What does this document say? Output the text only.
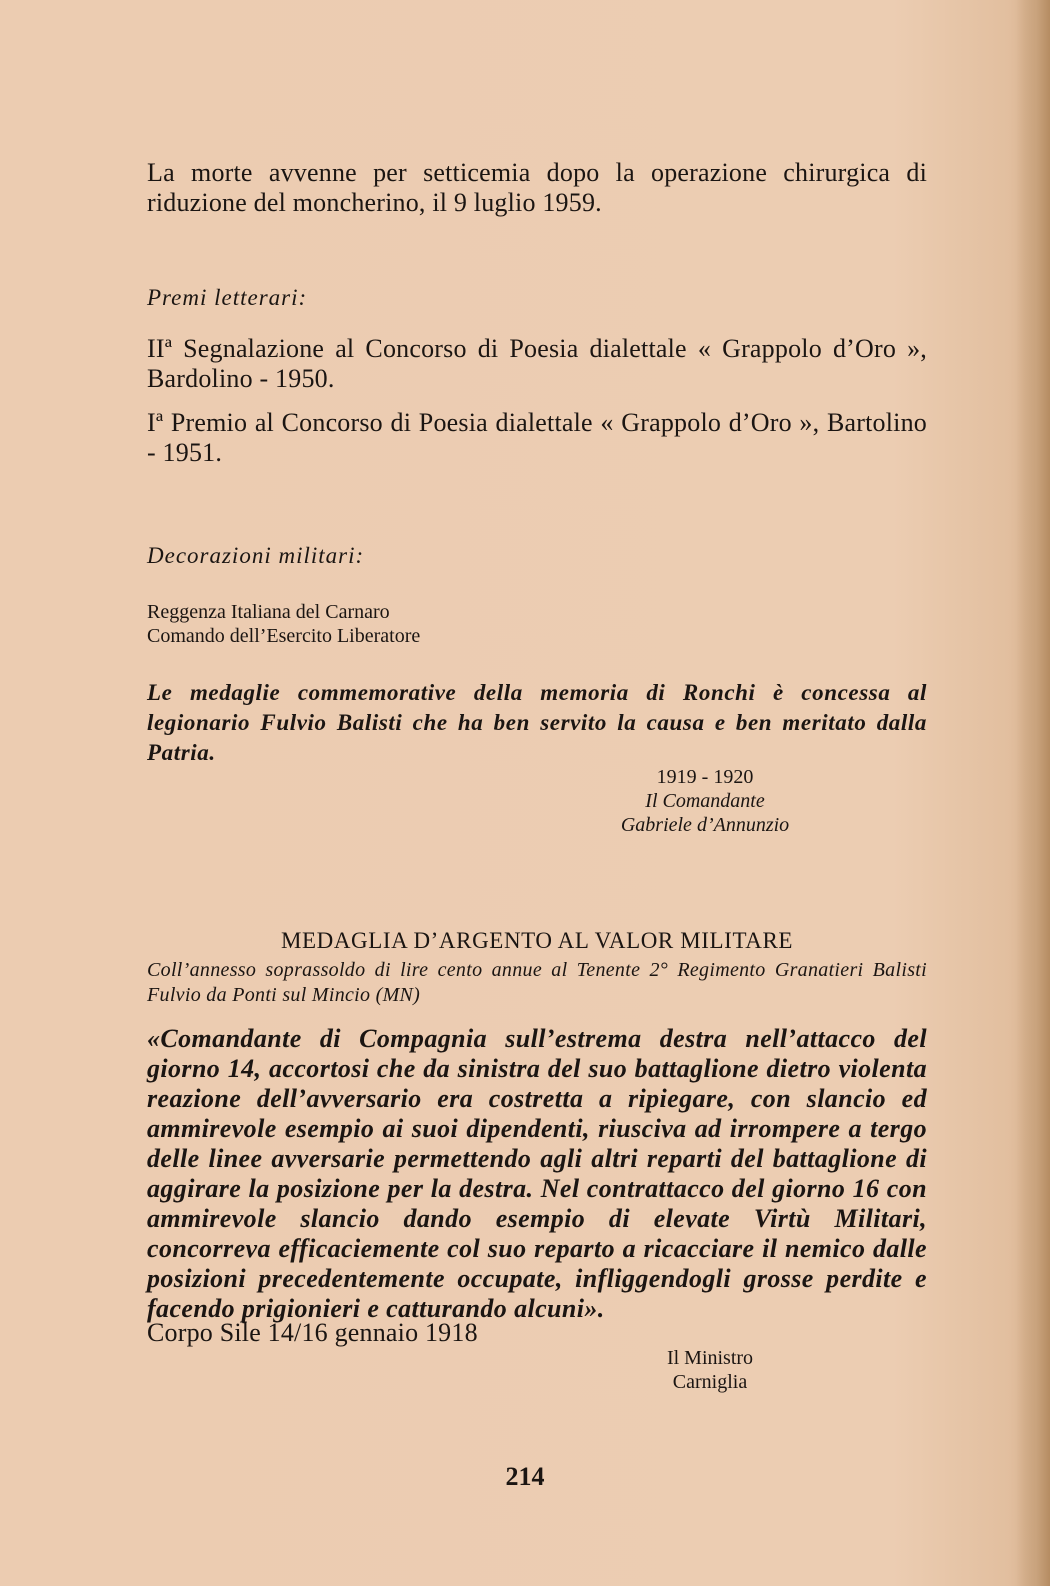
La morte avvenne per setticemia dopo la operazione chirurgica di riduzione del moncherino, il 9 luglio 1959.
Premi letterari:
IIª Segnalazione al Concorso di Poesia dialettale « Grappolo d’Oro », Bardolino - 1950.
Iª Premio al Concorso di Poesia dialettale « Grappolo d’Oro », Bartolino - 1951.
Decorazioni militari:
Reggenza Italiana del Carnaro
Comando dell’Esercito Liberatore
Le medaglie commemorative della memoria di Ronchi è concessa al legionario Fulvio Balisti che ha ben servito la causa e ben meritato dalla Patria.
1919 - 1920
Il Comandante
Gabriele d’Annunzio
MEDAGLIA D’ARGENTO AL VALOR MILITARE
Coll’annesso soprassoldo di lire cento annue al Tenente 2° Regimento Granatieri Balisti Fulvio da Ponti sul Mincio (MN)
«Comandante di Compagnia sull’estrema destra nell’attacco del giorno 14, accortosi che da sinistra del suo battaglione dietro violenta reazione dell’avversario era costretta a ripiegare, con slancio ed ammirevole esempio ai suoi dipendenti, riusciva ad irrompere a tergo delle linee avversarie permettendo agli altri reparti del battaglione di aggirare la posizione per la destra. Nel contrattacco del giorno 16 con ammirevole slancio dando esempio di elevate Virtù Militari, concorreva efficaciemente col suo reparto a ricacciare il nemico dalle posizioni precedentemente occupate, infliggendogli grosse perdite e facendo prigionieri e catturando alcuni».
Corpo Sile 14/16 gennaio 1918
Il Ministro
Carniglia
214
